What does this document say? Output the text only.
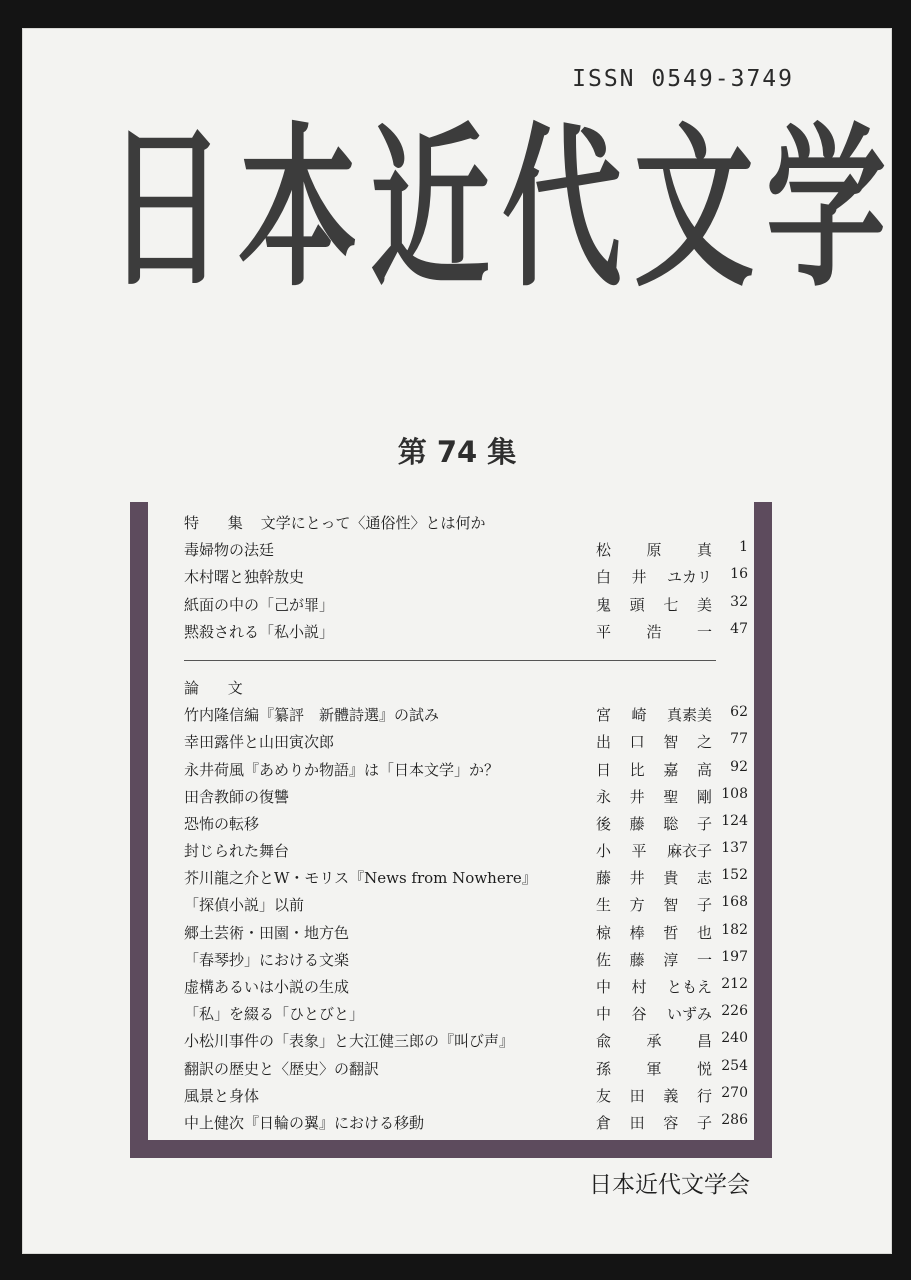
ISSN 0549-3749
日本近代文学
第 74 集
特 集 文学にとって〈通俗性〉とは何か
毒婦物の法廷	松 原 真 1
木村曙と独幹敖史	白 井 ユカリ 16
紙面の中の「己が罪」	鬼 頭 七 美 32
黙殺される「私小説」	平 浩 一 47
論 文
竹内隆信編『纂評　新體詩選』の試み	宮 崎 真素美 62
幸田露伴と山田寅次郎	出 口 智 之 77
永井荷風『あめりか物語』は「日本文学」か？	日 比 嘉 高 92
田舎教師の復讐	永 井 聖 剛 108
恐怖の転移	後 藤 聡 子 124
封じられた舞台	小 平 麻衣子 137
芥川龍之介とW・モリス『News from Nowhere』	藤 井 貴 志 152
「探偵小説」以前	生 方 智 子 168
郷土芸術・田園・地方色	椋 棒 哲 也 182
「春琴抄」における文楽	佐 藤 淳 一 197
虚構あるいは小説の生成	中 村 ともえ 212
「私」を綴る「ひとびと」	中 谷 いずみ 226
小松川事件の「表象」と大江健三郎の『叫び声』	兪 承 昌 240
翻訳の歴史と〈歴史〉の翻訳	孫 軍 悦 254
風景と身体	友 田 義 行 270
中上健次『日輪の翼』における移動	倉 田 容 子 286
日本近代文学会
